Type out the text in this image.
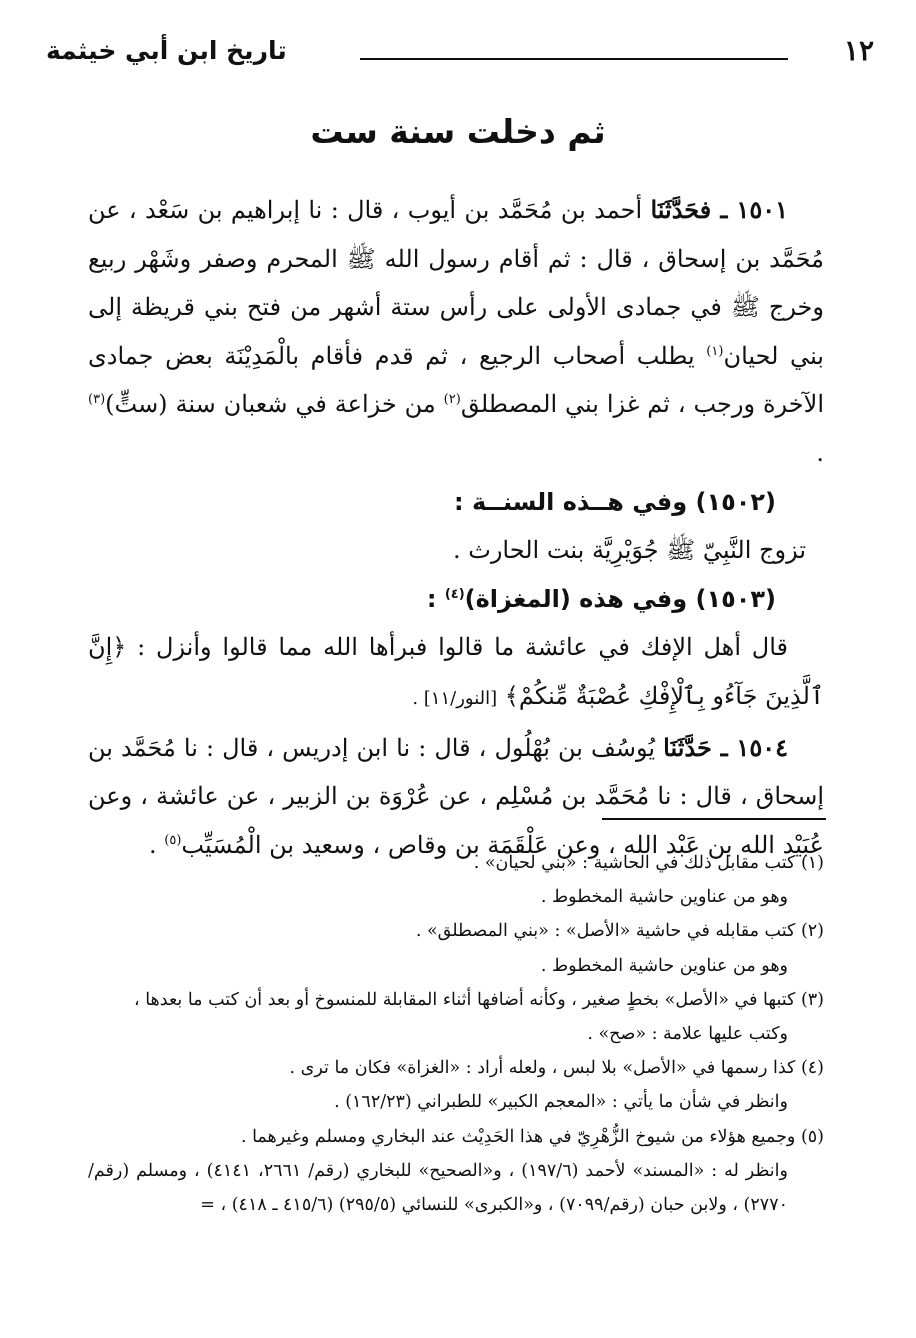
١٢
تاريخ ابن أبي خيثمة
ثم دخلت سنة ست

١٥٠١ ـ فحَدَّثَنَا أحمد بن مُحَمَّد بن أيوب ، قال : نا إبراهيم بن سَعْد ، عن مُحَمَّد بن إسحاق ، قال : ثم أقام رسول الله ﷺ المحرم وصفر وشَهْر ربيع وخرج ﷺ في جمادى الأولى على رأس ستة أشهر من فتح بني قريظة إلى بني لحيان$^{(١)}$ يطلب أصحاب الرجيع ، ثم قدم فأقام بالْمَدِيْنَة بعض جمادى الآخرة ورجب ، ثم غزا بني المصطلق$^{(٢)}$ من خزاعة في شعبان سنة (ستٍّ)$^{(٣)}$ .

(١٥٠٢) وفي هــذه السنــة :

تزوج النَّبِيّ ﷺ جُوَيْرِيَّة بنت الحارث .

(١٥٠٣) وفي هذه (المغزاة)$^{(٤)}$ :

قال أهل الإفك في عائشة ما قالوا فبرأها الله مما قالوا وأنزل : ﴿إِنَّ ٱلَّذِينَ جَآءُو بِٱلْإِفْكِ عُصْبَةٌ مِّنكُمْ﴾ [النور/١١] .

١٥٠٤ ـ حَدَّثَنَا يُوسُف بن بُهْلُول ، قال : نا ابن إدريس ، قال : نا مُحَمَّد بن إسحاق ، قال : نا مُحَمَّد بن مُسْلِم ، عن عُرْوَة بن الزبير ، عن عائشة ، وعن عُبَيْد الله بن عَبْد الله ، وعن عَلْقَمَة بن وقاص ، وسعيد بن الْمُسَيِّب$^{(٥)}$ .

(١) كتب مقابل ذلك في الحاشية : «بني لحيان» .

وهو من عناوين حاشية المخطوط .

(٢) كتب مقابله في حاشية «الأصل» : «بني المصطلق» .

وهو من عناوين حاشية المخطوط .

(٣) كتبها في «الأصل» بخطٍ صغير ، وكأنه أضافها أثناء المقابلة للمنسوخ أو بعد أن كتب ما بعدها ،

وكتب عليها علامة : «صح» .

(٤) كذا رسمها في «الأصل» بلا لبس ، ولعله أراد : «الغزاة» فكان ما ترى .

وانظر في شأن ما يأتي : «المعجم الكبير» للطبراني (١٦٢/٢٣) .

(٥) وجميع هؤلاء من شيوخ الزُّهْرِيّ في هذا الحَدِيْث عند البخاري ومسلم وغيرهما .

وانظر له : «المسند» لأحمد (١٩٧/٦) ، و«الصحيح» للبخاري (رقم/ ٢٦٦١، ٤١٤١) ، ومسلم (رقم/ ٢٧٧٠) ، ولابن حبان (رقم/٧٠٩٩) ، و«الكبرى» للنسائي (٢٩٥/٥) (٤١٥/٦ ـ ٤١٨) ، =
